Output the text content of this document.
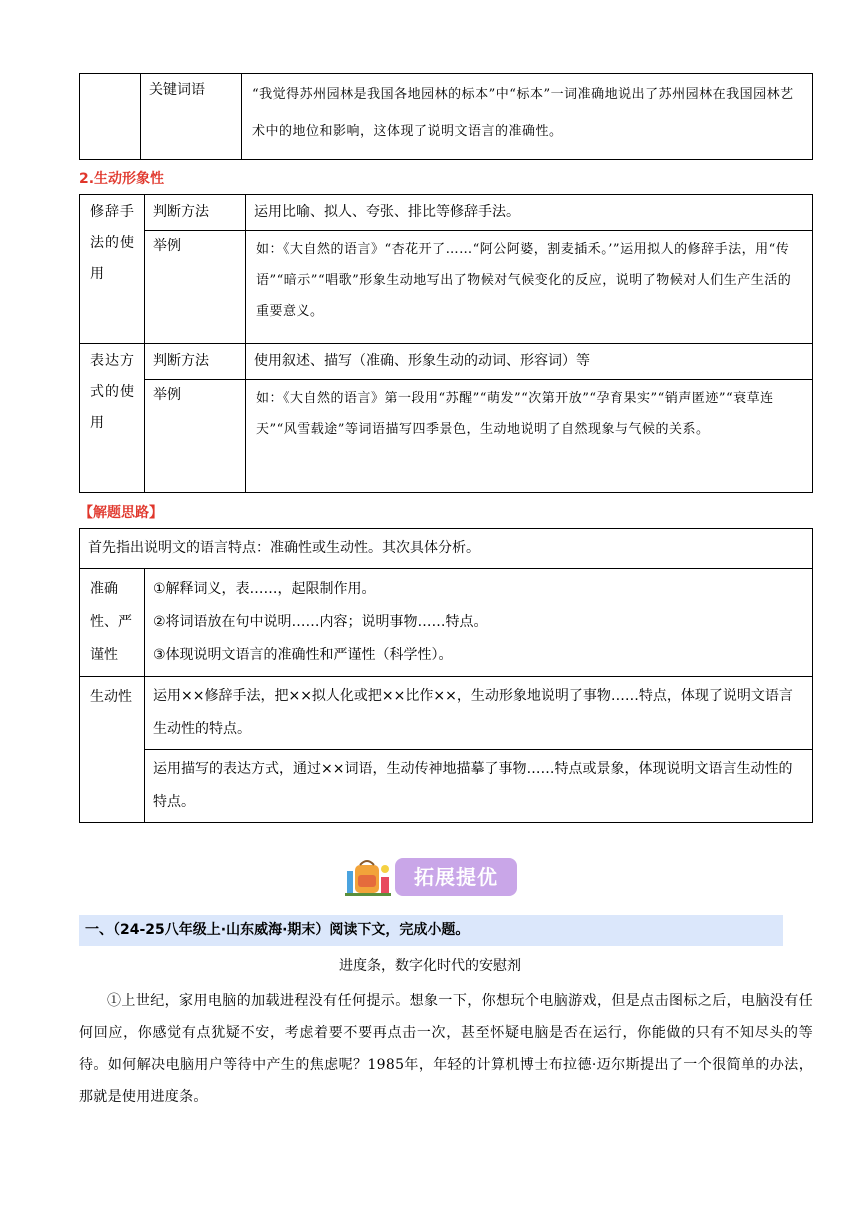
	关键词语	“我觉得苏州园林是我国各地园林的标本”中“标本”一词准确地说出了苏州园林在我国园林艺术中的地位和影响，这体现了说明文语言的准确性。
2.生动形象性
修辞手法的使用	判断方法	运用比喻、拟人、夸张、排比等修辞手法。
	举例	如：《大自然的语言》“杏花开了……“阿公阿婆，割麦插禾。’”运用拟人的修辞手法，用“传语”“暗示”“唱歌”形象生动地写出了物候对气候变化的反应，说明了物候对人们生产生活的重要意义。
表达方式的使用	判断方法	使用叙述、描写（准确、形象生动的动词、形容词）等
	举例	如：《大自然的语言》第一段用“苏醒”“萌发”“次第开放”“孕育果实”“销声匿迹”“衰草连天”“风雪载途”等词语描写四季景色，生动地说明了自然现象与气候的关系。
【解题思路】
首先指出说明文的语言特点：准确性或生动性。其次具体分析。	
准确性、严谨性	①解释词义，表……，起限制作用。
②将词语放在句中说明……内容；说明事物……特点。
③体现说明文语言的准确性和严谨性（科学性）。

生动性	运用××修辞手法，把××拟人化或把××比作××，生动形象地说明了事物……特点，体现了说明文语言生动性的特点。
	运用描写的表达方式，通过××词语，生动传神地描摹了事物……特点或景象，体现说明文语言生动性的特点。
拓展提优
一、（24-25八年级上·山东威海·期末）阅读下文，完成小题。
进度条，数字化时代的安慰剂
①上世纪，家用电脑的加载进程没有任何提示。想象一下，你想玩个电脑游戏，但是点击图标之后，电脑没有任何回应，你感觉有点犹疑不安，考虑着要不要再点击一次，甚至怀疑电脑是否在运行，你能做的只有不知尽头的等待。如何解决电脑用户等待中产生的焦虑呢？1985年，年轻的计算机博士布拉德·迈尔斯提出了一个很简单的办法，那就是使用进度条。
